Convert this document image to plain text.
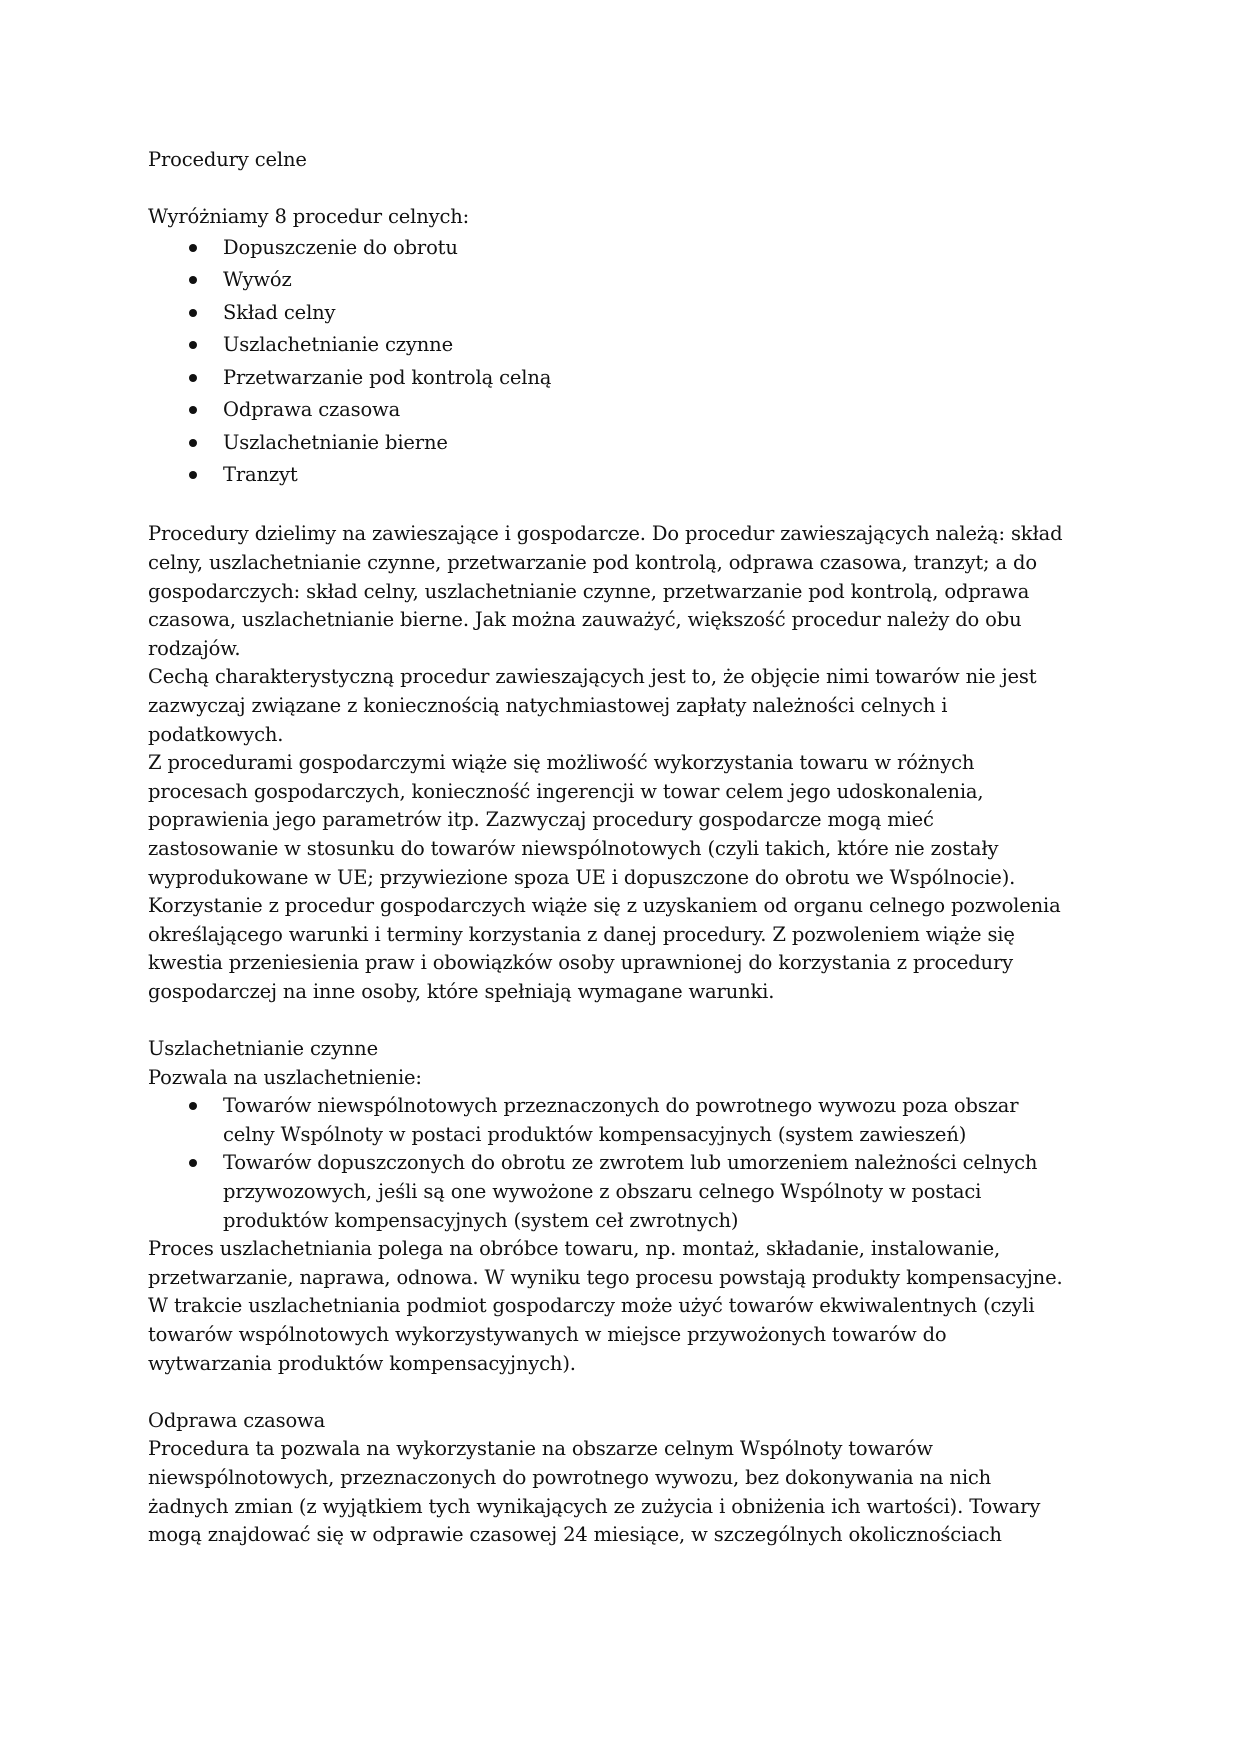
Procedury celne
Wyróżniamy 8 procedur celnych:
Dopuszczenie do obrotu
Wywóz
Skład celny
Uszlachetnianie czynne
Przetwarzanie pod kontrolą celną
Odprawa czasowa
Uszlachetnianie bierne
Tranzyt
Procedury dzielimy na zawieszające i gospodarcze. Do procedur zawieszających należą: skład
celny, uszlachetnianie czynne, przetwarzanie pod kontrolą, odprawa czasowa, tranzyt; a do
gospodarczych: skład celny, uszlachetnianie czynne, przetwarzanie pod kontrolą, odprawa
czasowa, uszlachetnianie bierne. Jak można zauważyć, większość procedur należy do obu
rodzajów.
Cechą charakterystyczną procedur zawieszających jest to, że objęcie nimi towarów nie jest
zazwyczaj związane z koniecznością natychmiastowej zapłaty należności celnych i
podatkowych.
Z procedurami gospodarczymi wiąże się możliwość wykorzystania towaru w różnych
procesach gospodarczych, konieczność ingerencji w towar celem jego udoskonalenia,
poprawienia jego parametrów itp. Zazwyczaj procedury gospodarcze mogą mieć
zastosowanie w stosunku do towarów niewspólnotowych (czyli takich, które nie zostały
wyprodukowane w UE; przywiezione spoza UE i dopuszczone do obrotu we Wspólnocie).
Korzystanie z procedur gospodarczych wiąże się z uzyskaniem od organu celnego pozwolenia
określającego warunki i terminy korzystania z danej procedury. Z pozwoleniem wiąże się
kwestia przeniesienia praw i obowiązków osoby uprawnionej do korzystania z procedury
gospodarczej na inne osoby, które spełniają wymagane warunki.
Uszlachetnianie czynne
Pozwala na uszlachetnienie:
Towarów niewspólnotowych przeznaczonych do powrotnego wywozu poza obszar
celny Wspólnoty w postaci produktów kompensacyjnych (system zawieszeń)
Towarów dopuszczonych do obrotu ze zwrotem lub umorzeniem należności celnych
przywozowych, jeśli są one wywożone z obszaru celnego Wspólnoty w postaci
produktów kompensacyjnych (system ceł zwrotnych)
Proces uszlachetniania polega na obróbce towaru, np. montaż, składanie, instalowanie,
przetwarzanie, naprawa, odnowa. W wyniku tego procesu powstają produkty kompensacyjne.
W trakcie uszlachetniania podmiot gospodarczy może użyć towarów ekwiwalentnych (czyli
towarów wspólnotowych wykorzystywanych w miejsce przywożonych towarów do
wytwarzania produktów kompensacyjnych).
Odprawa czasowa
Procedura ta pozwala na wykorzystanie na obszarze celnym Wspólnoty towarów
niewspólnotowych, przeznaczonych do powrotnego wywozu, bez dokonywania na nich
żadnych zmian (z wyjątkiem tych wynikających ze zużycia i obniżenia ich wartości). Towary
mogą znajdować się w odprawie czasowej 24 miesiące, w szczególnych okolicznościach
